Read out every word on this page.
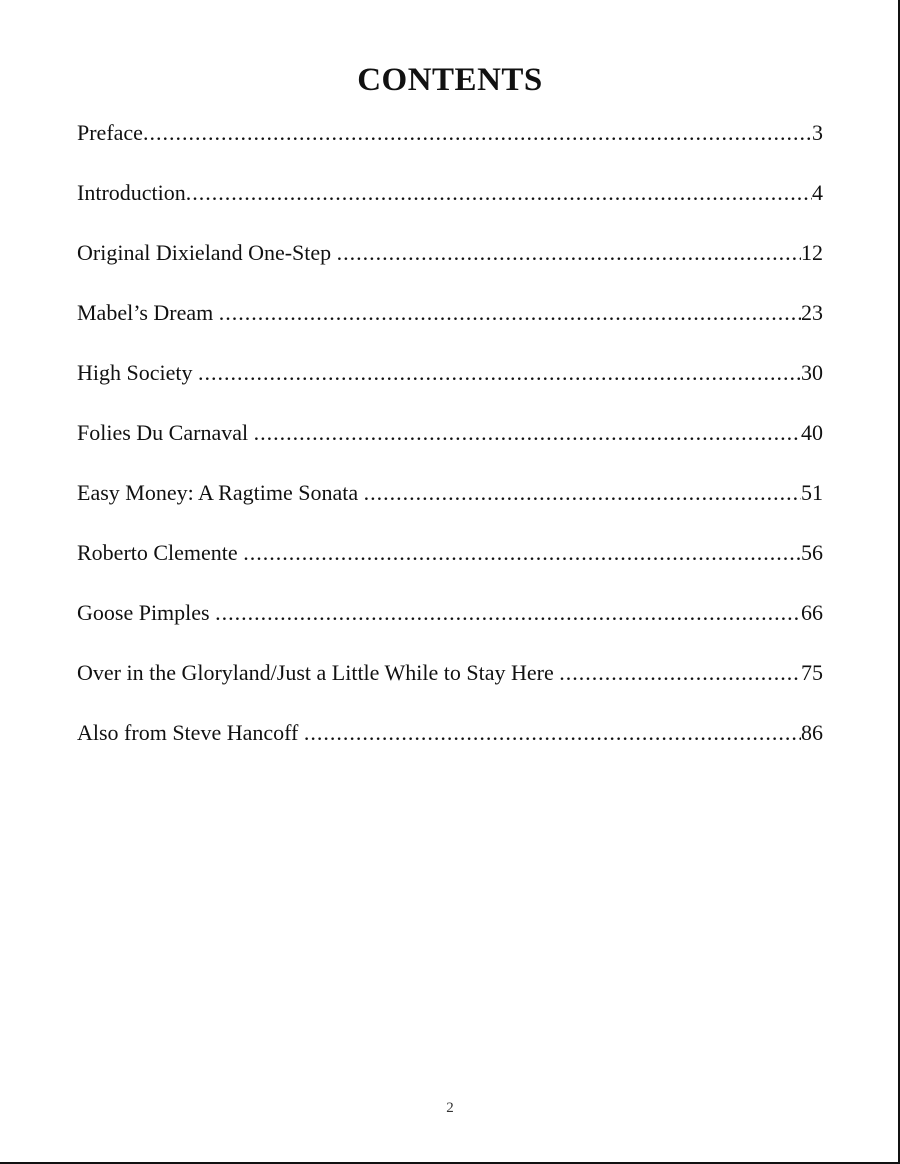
CONTENTS
Preface .....	3
Introduction .....	4
Original Dixieland One-Step .....	12
Mabel’s Dream .....	23
High Society .....	30
Folies Du Carnaval .....	40
Easy Money: A Ragtime Sonata .....	51
Roberto Clemente .....	56
Goose Pimples .....	66
Over in the Gloryland/Just a Little While to Stay Here .....	75
Also from Steve Hancoff .....	86
2
